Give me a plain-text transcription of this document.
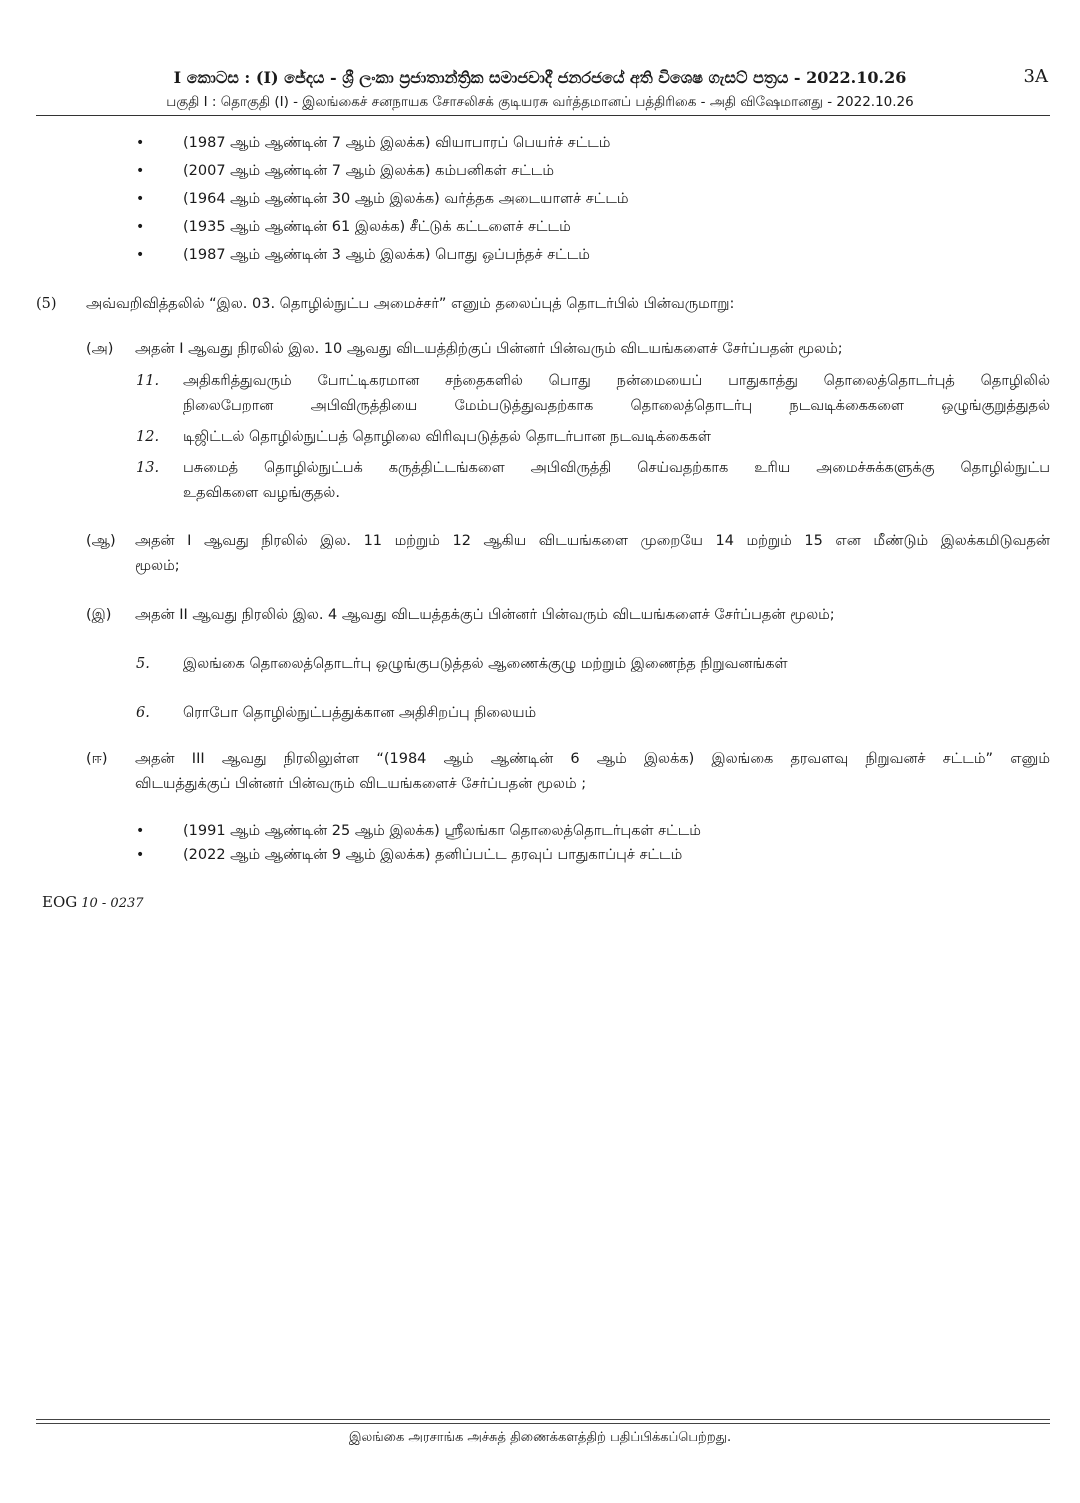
I කොටස : (I) ජේදය - ශ්‍රී ලංකා ප්‍රජාතාන්ත්‍රික සමාජවාදී ජනරජයේ අති විශෙෂ ගැසට් පත්‍රය - 2022.10.26	3A
பகுதி I : தொகுதி (I) - இலங்கைச் சனநாயக சோசலிசக் குடியரசு வர்த்தமானப் பத்திரிகை - அதி விஷேமானது - 2022.10.26
•	(1987 ஆம் ஆண்டின் 7 ஆம் இலக்க) வியாபாரப் பெயர்ச் சட்டம்
•	(2007 ஆம் ஆண்டின் 7 ஆம் இலக்க) கம்பனிகள் சட்டம்
•	(1964 ஆம் ஆண்டின் 30 ஆம் இலக்க) வர்த்தக அடையாளச் சட்டம்
•	(1935 ஆம் ஆண்டின் 61 இலக்க) சீட்டுக் கட்டளைச் சட்டம்
•	(1987 ஆம் ஆண்டின் 3 ஆம் இலக்க) பொது ஒப்பந்தச் சட்டம்
(5) அவ்வறிவித்தலில் “இல. 03. தொழில்நுட்ப அமைச்சர்” எனும் தலைப்புத் தொடர்பில் பின்வருமாறு:
(அ) அதன் I ஆவது நிரலில் இல. 10 ஆவது விடயத்திற்குப் பின்னர் பின்வரும் விடயங்களைச் சேர்ப்பதன் மூலம்;
11. அதிகரித்துவரும் போட்டிகரமான சந்தைகளில் பொது நன்மையைப் பாதுகாத்து தொலைத்தொடர்புத் தொழிலில்
நிலைபேறான அபிவிருத்தியை மேம்படுத்துவதற்காக தொலைத்தொடர்பு நடவடிக்கைகளை ஒழுங்குறுத்துதல்
12. டிஜிட்டல் தொழில்நுட்பத் தொழிலை விரிவுபடுத்தல் தொடர்பான நடவடிக்கைகள்
13. பசுமைத் தொழில்நுட்பக் கருத்திட்டங்களை அபிவிருத்தி செய்வதற்காக உரிய அமைச்சுக்களுக்கு தொழில்நுட்ப
உதவிகளை வழங்குதல்.
(ஆ) அதன் I ஆவது நிரலில் இல. 11 மற்றும் 12 ஆகிய விடயங்களை முறையே 14 மற்றும் 15 என மீண்டும் இலக்கமிடுவதன்
மூலம்;
(இ) அதன் II ஆவது நிரலில் இல. 4 ஆவது விடயத்தக்குப் பின்னர் பின்வரும் விடயங்களைச் சேர்ப்பதன் மூலம்;
5. இலங்கை தொலைத்தொடர்பு ஒழுங்குபடுத்தல் ஆணைக்குழு மற்றும் இணைந்த நிறுவனங்கள்
6. ரொபோ தொழில்நுட்பத்துக்கான அதிசிறப்பு நிலையம்
(ஈ) அதன் III ஆவது நிரலிலுள்ள “(1984 ஆம் ஆண்டின் 6 ஆம் இலக்க) இலங்கை தரவளவு நிறுவனச் சட்டம்” எனும்
விடயத்துக்குப் பின்னர் பின்வரும் விடயங்களைச் சேர்ப்பதன் மூலம் ;
•	(1991 ஆம் ஆண்டின் 25 ஆம் இலக்க) ஸ்ரீலங்கா தொலைத்தொடர்புகள் சட்டம்
•	(2022 ஆம் ஆண்டின் 9 ஆம் இலக்க) தனிப்பட்ட தரவுப் பாதுகாப்புச் சட்டம்
EOG 10 - 0237
இலங்கை அரசாங்க அச்சுத் திணைக்களத்திற் பதிப்பிக்கப்பெற்றது.
